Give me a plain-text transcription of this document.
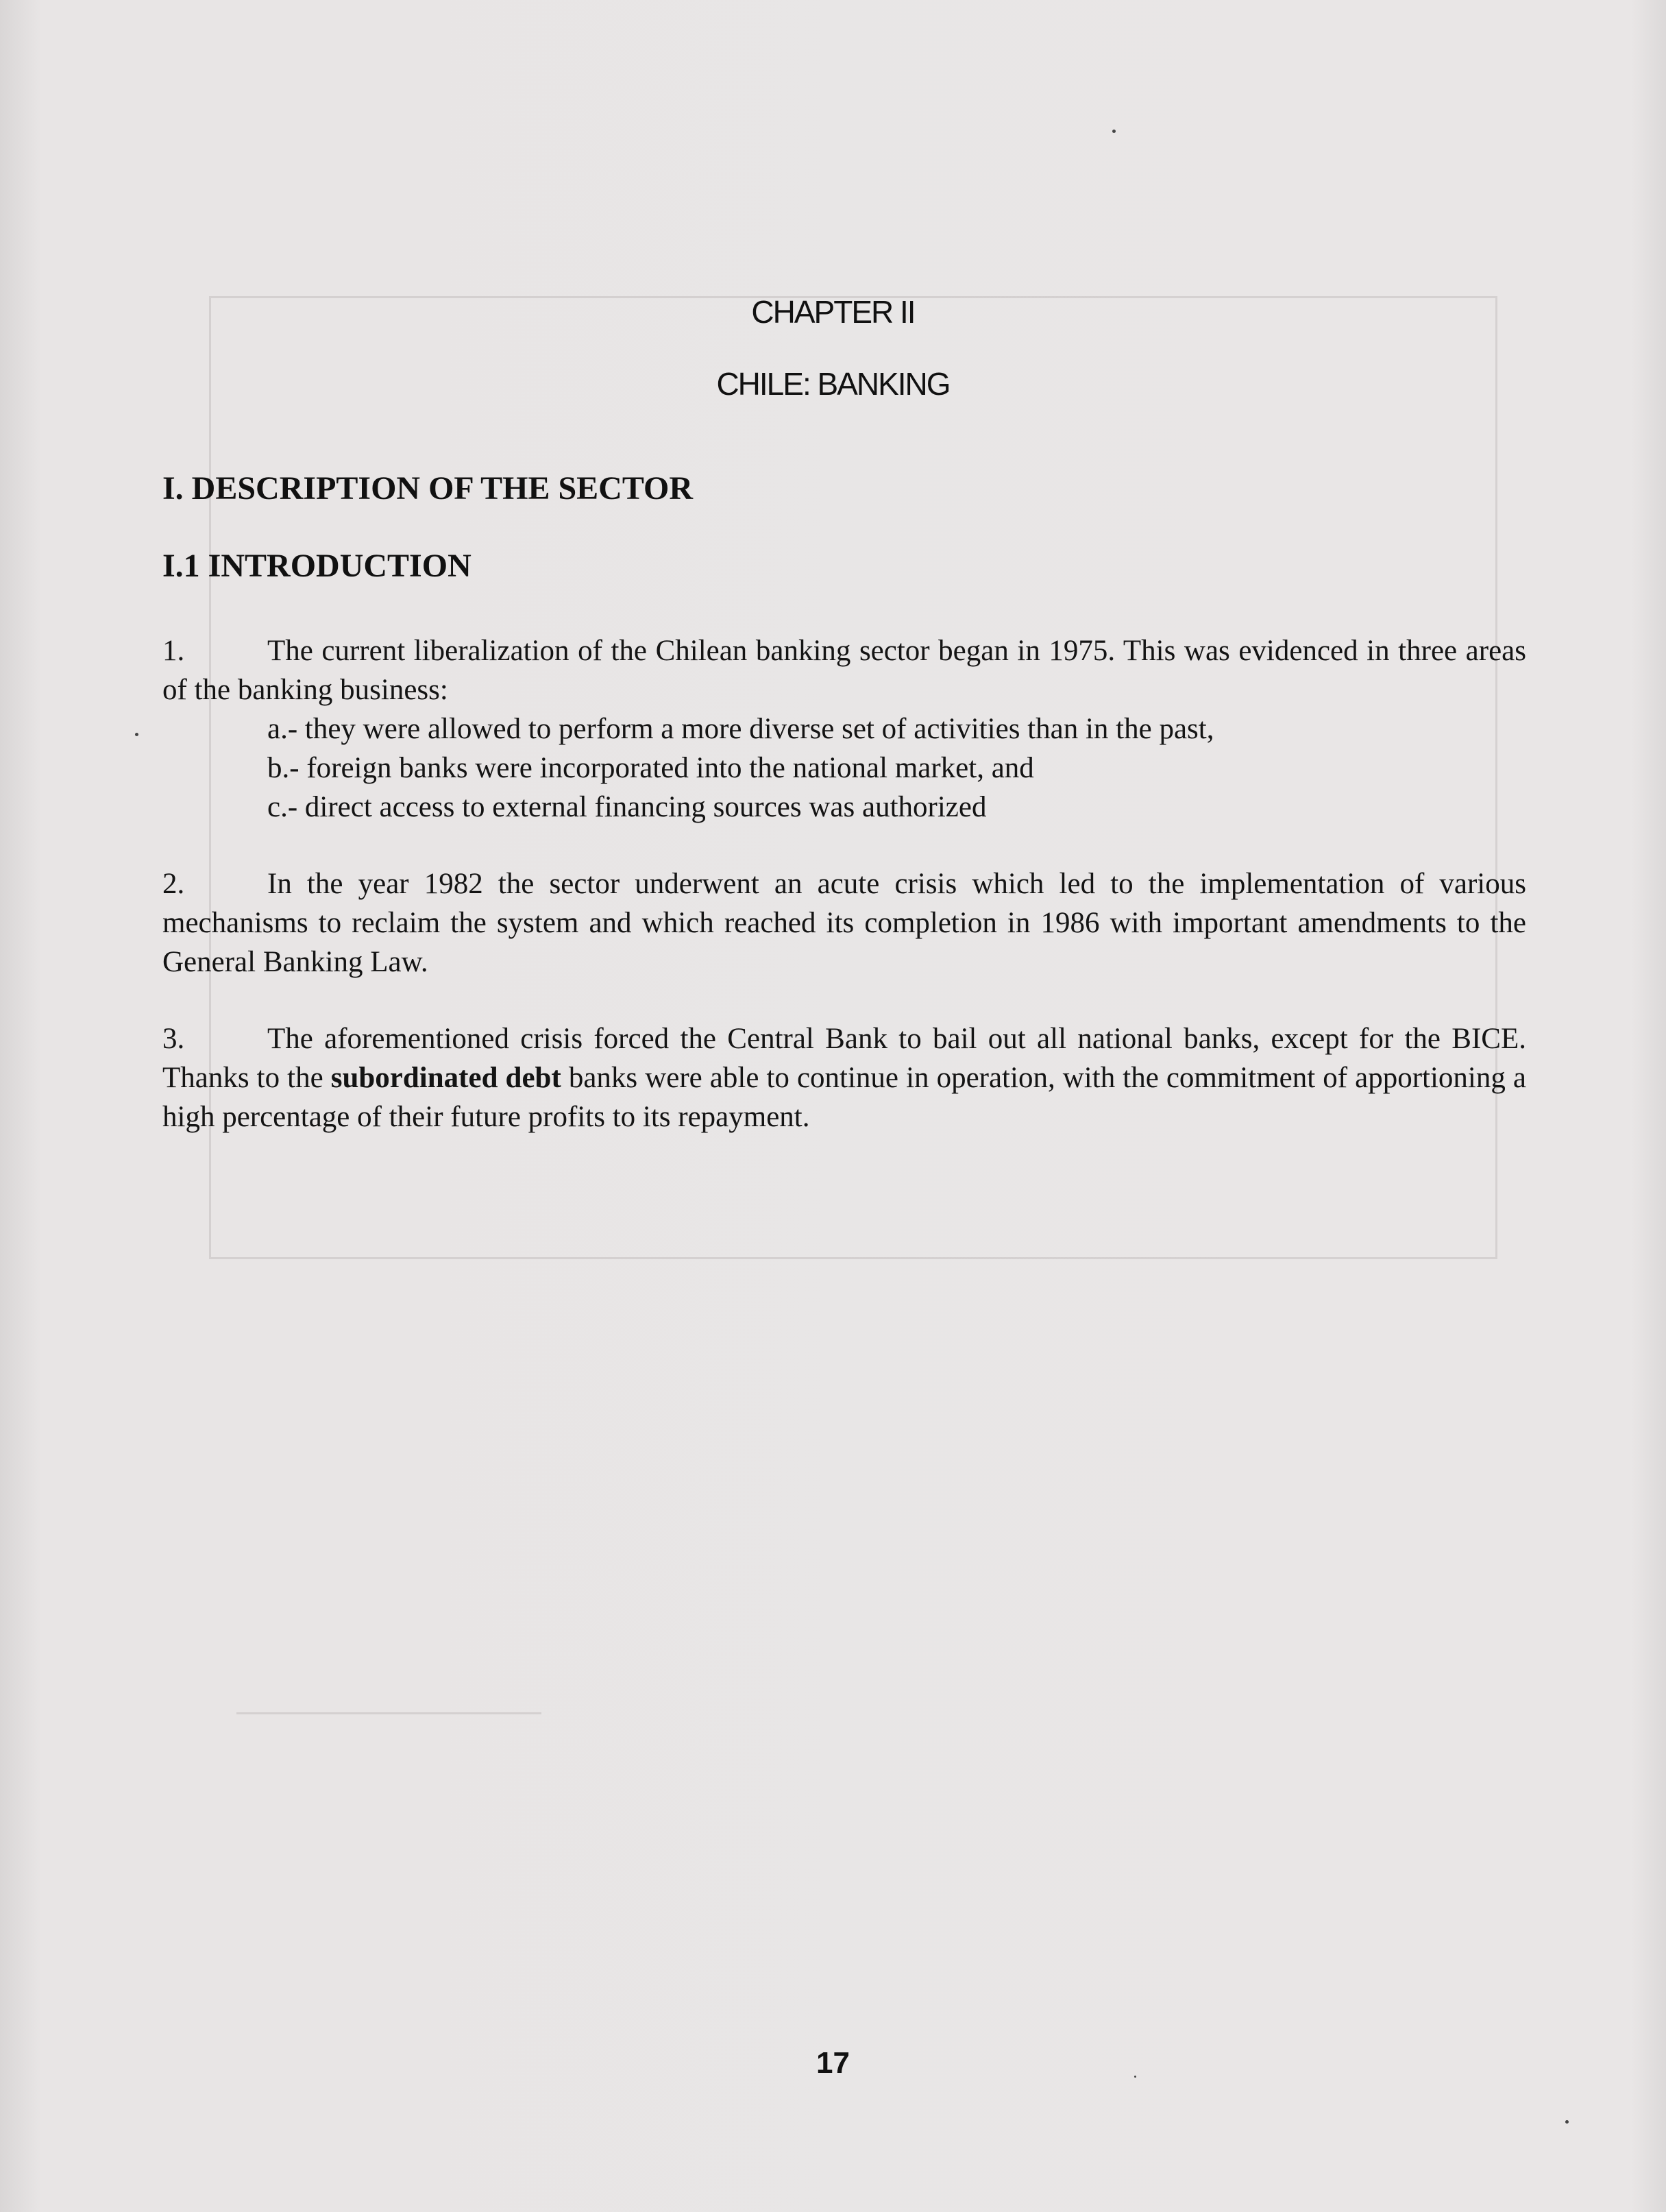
CHAPTER II
CHILE: BANKING
I. DESCRIPTION OF THE SECTOR
I.1 INTRODUCTION
1.	The current liberalization of the Chilean banking sector began in 1975. This was evidenced in three areas of the banking business:
a.- they were allowed to perform a more diverse set of activities than in the past,
b.- foreign banks were incorporated into the national market, and
c.- direct access to external financing sources was authorized
2.	In the year 1982 the sector underwent an acute crisis which led to the implementation of various mechanisms to reclaim the system and which reached its completion in 1986 with important amendments to the General Banking Law.
3.	The aforementioned crisis forced the Central Bank to bail out all national banks, except for the BICE. Thanks to the subordinated debt banks were able to continue in operation, with the commitment of apportioning a high percentage of their future profits to its repayment.
17
